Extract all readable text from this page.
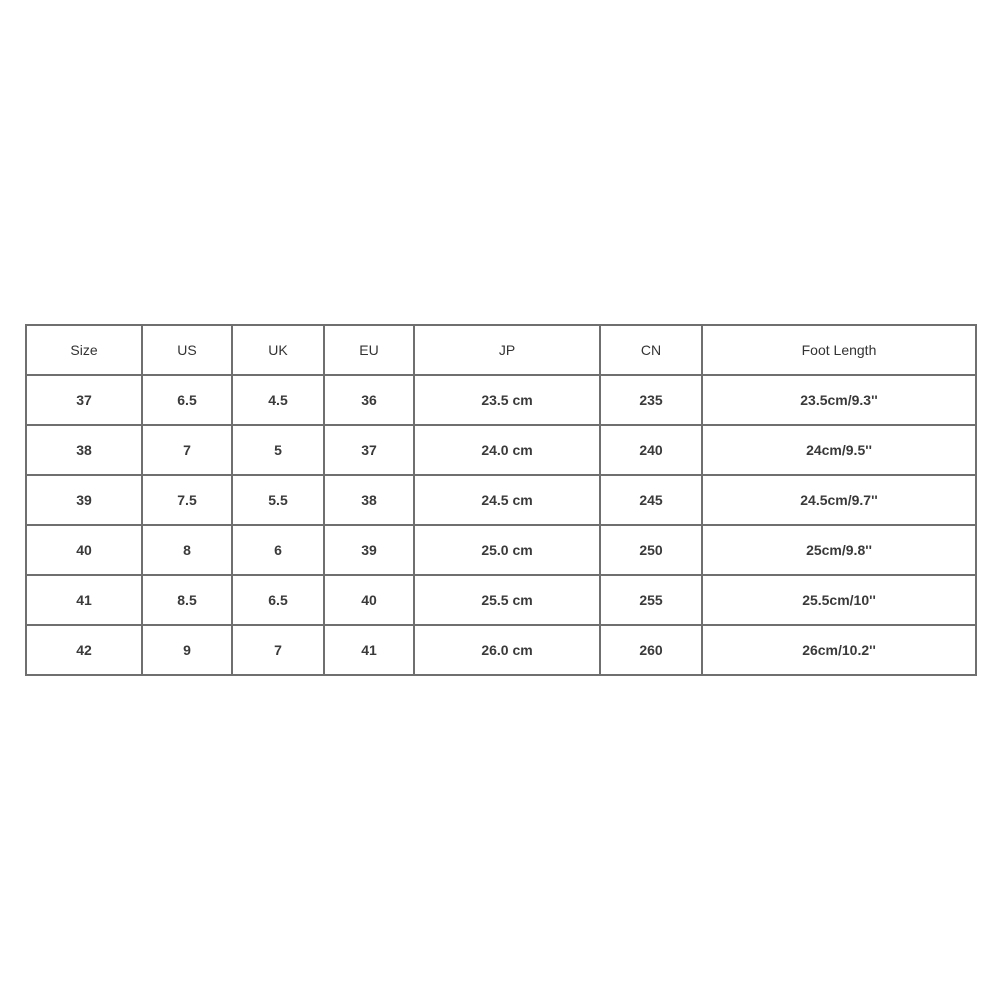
Size	US	UK	EU	JP	CN	Foot Length
37	6.5	4.5	36	23.5 cm	235	23.5cm/9.3''
38	7	5	37	24.0 cm	240	24cm/9.5''
39	7.5	5.5	38	24.5 cm	245	24.5cm/9.7''
40	8	6	39	25.0 cm	250	25cm/9.8''
41	8.5	6.5	40	25.5 cm	255	25.5cm/10''
42	9	7	41	26.0 cm	260	26cm/10.2''
